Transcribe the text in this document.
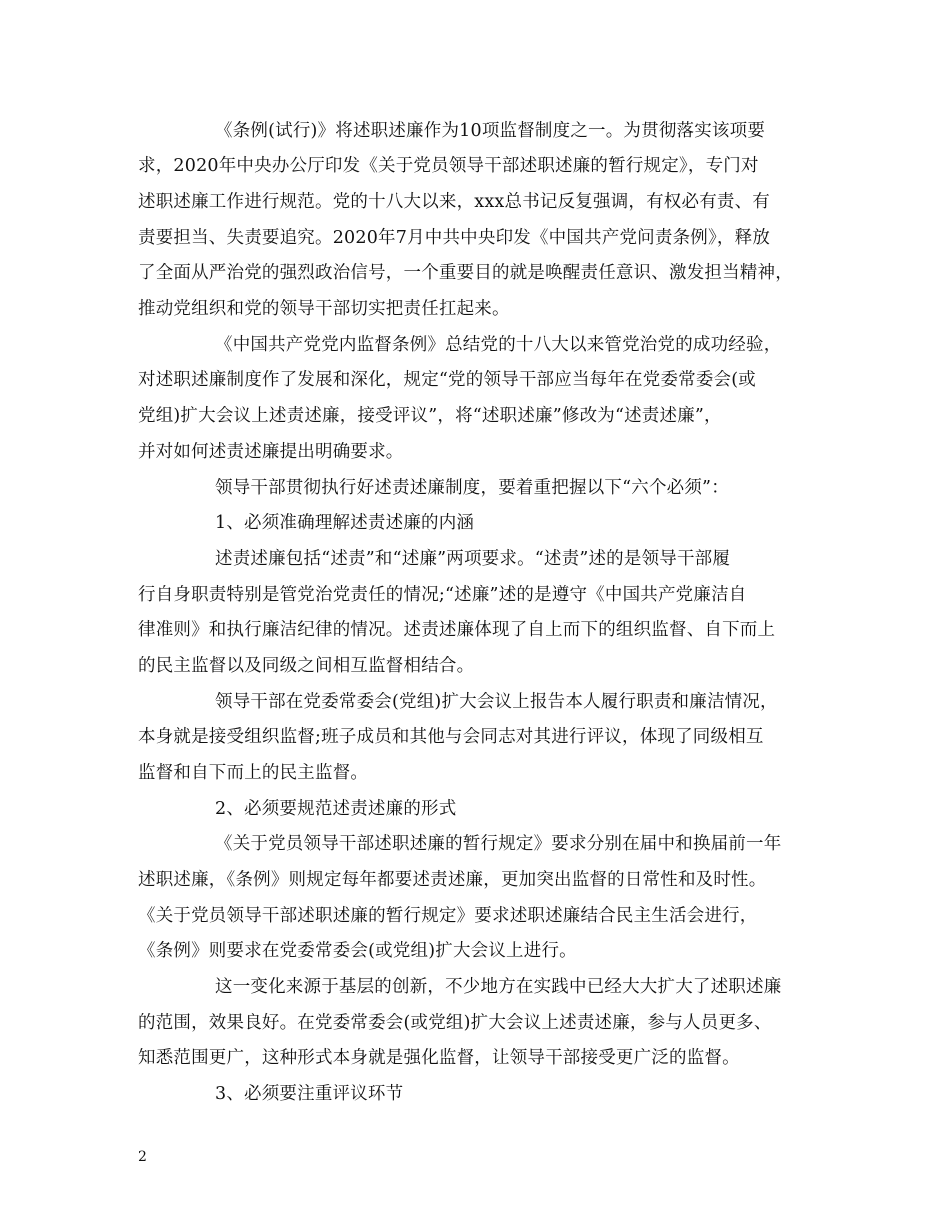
《条例(试行)》将述职述廉作为10项监督制度之一。为贯彻落实该项要
求，2020年中央办公厅印发《关于党员领导干部述职述廉的暂行规定》，专门对
述职述廉工作进行规范。党的十八大以来，xxx总书记反复强调，有权必有责、有
责要担当、失责要追究。2020年7月中共中央印发《中国共产党问责条例》，释放
了全面从严治党的强烈政治信号，一个重要目的就是唤醒责任意识、激发担当精神，
推动党组织和党的领导干部切实把责任扛起来。
《中国共产党党内监督条例》总结党的十八大以来管党治党的成功经验，
对述职述廉制度作了发展和深化，规定“党的领导干部应当每年在党委常委会(或
党组)扩大会议上述责述廉，接受评议”，将“述职述廉”修改为“述责述廉”，
并对如何述责述廉提出明确要求。
领导干部贯彻执行好述责述廉制度，要着重把握以下“六个必须”：
1、必须准确理解述责述廉的内涵
述责述廉包括“述责”和“述廉”两项要求。“述责”述的是领导干部履
行自身职责特别是管党治党责任的情况;“述廉”述的是遵守《中国共产党廉洁自
律准则》和执行廉洁纪律的情况。述责述廉体现了自上而下的组织监督、自下而上
的民主监督以及同级之间相互监督相结合。
领导干部在党委常委会(党组)扩大会议上报告本人履行职责和廉洁情况，
本身就是接受组织监督;班子成员和其他与会同志对其进行评议，体现了同级相互
监督和自下而上的民主监督。
2、必须要规范述责述廉的形式
《关于党员领导干部述职述廉的暂行规定》要求分别在届中和换届前一年
述职述廉，《条例》则规定每年都要述责述廉，更加突出监督的日常性和及时性。
《关于党员领导干部述职述廉的暂行规定》要求述职述廉结合民主生活会进行，
《条例》则要求在党委常委会(或党组)扩大会议上进行。
这一变化来源于基层的创新，不少地方在实践中已经大大扩大了述职述廉
的范围，效果良好。在党委常委会(或党组)扩大会议上述责述廉，参与人员更多、
知悉范围更广，这种形式本身就是强化监督，让领导干部接受更广泛的监督。
3、必须要注重评议环节
2
